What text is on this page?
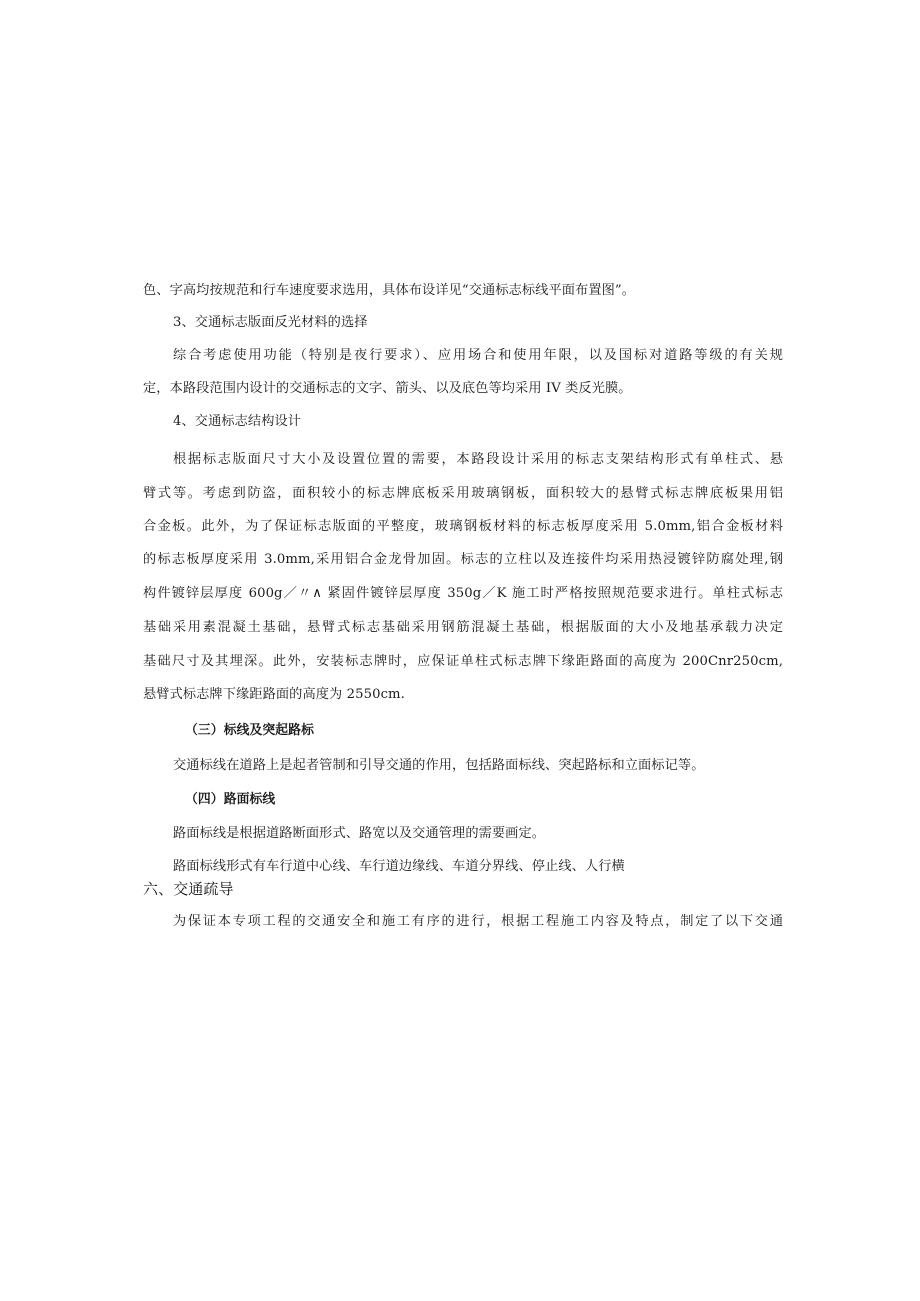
色、字高均按规范和行车速度要求选用，具体布设详见“交通标志标线平面布置图”。
3、交通标志版面反光材料的选择
综合考虑使用功能（特别是夜行要求）、应用场合和使用年限，以及国标对道路等级的有关规
定，本路段范围内设计的交通标志的文字、箭头、以及底色等均采用 IV 类反光膜。
4、交通标志结构设计
根据标志版面尺寸大小及设置位置的需要，本路段设计采用的标志支架结构形式有单柱式、悬
臂式等。考虑到防盗，面积较小的标志牌底板采用玻璃钢板，面积较大的悬臂式标志牌底板果用铝
合金板。此外，为了保证标志版面的平整度，玻璃钢板材料的标志板厚度采用 5.0mm,铝合金板材料
的标志板厚度采用 3.0mm,采用铝合金龙骨加固。标志的立柱以及连接件均采用热浸镀锌防腐处理,钢
构件镀锌层厚度 600g／〃∧ 紧固件镀锌层厚度 350g／K 施工时严格按照规范要求进行。单柱式标志
基础采用素混凝土基础，悬臂式标志基础采用钢筋混凝土基础，根据版面的大小及地基承载力决定
基础尺寸及其埋深。此外，安装标志牌时，应保证单柱式标志牌下缘距路面的高度为 200Cnr250cm,
悬臂式标志牌下缘距路面的高度为 2550cm.
（三）标线及突起路标
交通标线在道路上是起者管制和引导交通的作用，包括路面标线、突起路标和立面标记等。
（四）路面标线
路面标线是根据道路断面形式、路宽以及交通管理的需要画定。
路面标线形式有车行道中心线、车行道边缘线、车道分界线、停止线、人行横
六、交通疏导
为保证本专项工程的交通安全和施工有序的进行，根据工程施工内容及特点，制定了以下交通
